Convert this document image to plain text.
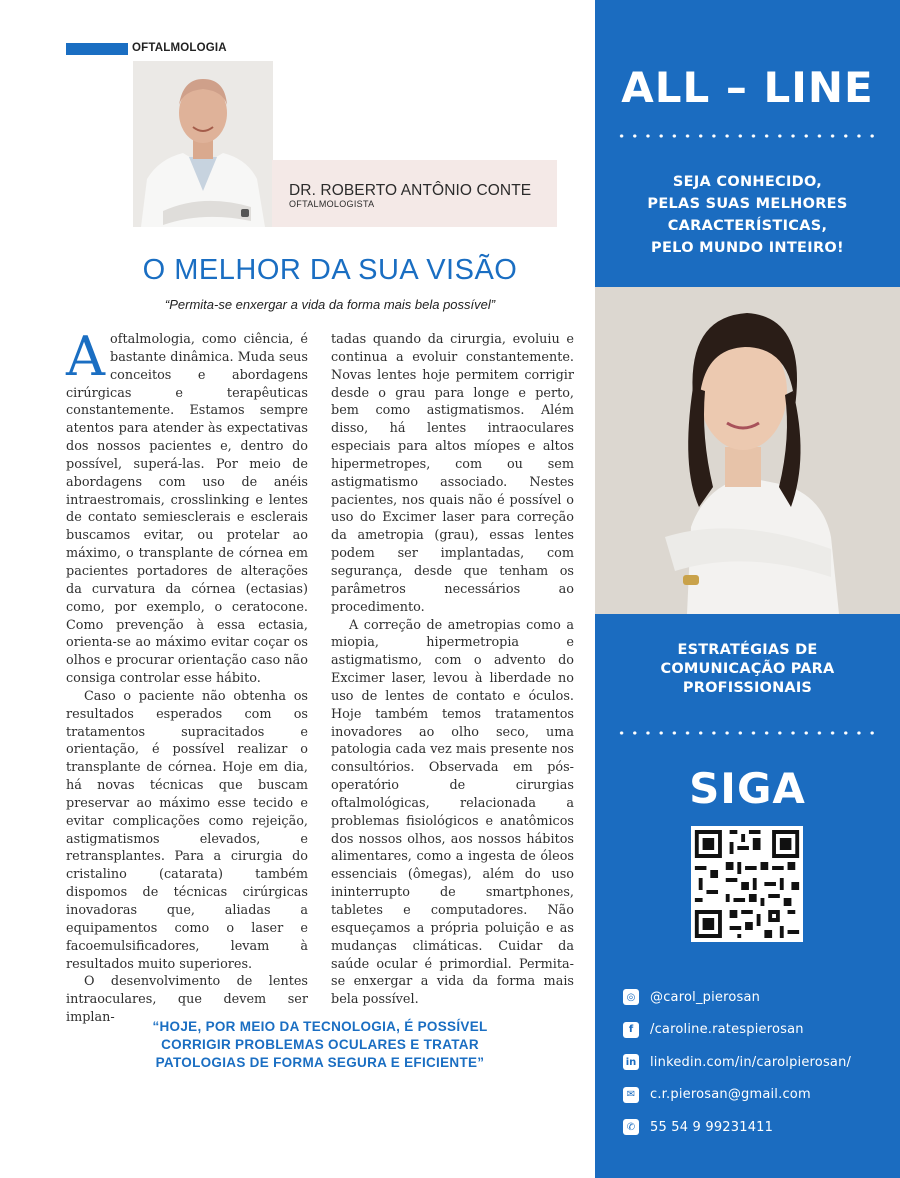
OFTALMOLOGIA
DR. ROBERTO ANTÔNIO CONTE
OFTALMOLOGISTA
O MELHOR DA SUA VISÃO
“Permita-se enxergar a vida da forma mais bela possível”

Aoftalmologia, como ciência, é bastante dinâmica. Muda seus conceitos e abordagens cirúrgicas e terapêuticas constantemente. Estamos sempre atentos para atender às expectativas dos nossos pacientes e, dentro do possível, superá-las. Por meio de abordagens com uso de anéis intraestromais, crosslinking e lentes de contato semiesclerais e esclerais buscamos evitar, ou protelar ao máximo, o transplante de córnea em pacientes portadores de alterações da curvatura da córnea (ectasias) como, por exemplo, o ceratocone. Como prevenção à essa ectasia, orienta-se ao máximo evitar coçar os olhos e procurar orientação caso não consiga controlar esse hábito.

Caso o paciente não obtenha os resultados esperados com os tratamentos supracitados e orientação, é possível realizar o transplante de córnea. Hoje em dia, há novas técnicas que buscam preservar ao máximo esse tecido e evitar complicações como rejeição, astigmatismos elevados, e retransplantes. Para a cirurgia do cristalino (catarata) também dispomos de técnicas cirúrgicas inovadoras que, aliadas a equipamentos como o laser e facoemulsificadores, levam à resultados muito superiores.

O desenvolvimento de lentes intraoculares, que devem ser implan-

tadas quando da cirurgia, evoluiu e continua a evoluir constantemente. Novas lentes hoje permitem corrigir desde o grau para longe e perto, bem como astigmatismos. Além disso, há lentes intraoculares especiais para altos míopes e altos hipermetropes, com ou sem astigmatismo associado. Nestes pacientes, nos quais não é possível o uso do Excimer laser para correção da ametropia (grau), essas lentes podem ser implantadas, com segurança, desde que tenham os parâmetros necessários ao procedimento.

A correção de ametropias como a miopia, hipermetropia e astigmatismo, com o advento do Excimer laser, levou à liberdade no uso de lentes de contato e óculos. Hoje também temos tratamentos inovadores ao olho seco, uma patologia cada vez mais presente nos consultórios. Observada em pós-operatório de cirurgias oftalmológicas, relacionada a problemas fisiológicos e anatômicos dos nossos olhos, aos nossos hábitos alimentares, como a ingesta de óleos essenciais (ômegas), além do uso ininterrupto de smartphones, tabletes e computadores. Não esqueçamos a própria poluição e as mudanças climáticas. Cuidar da saúde ocular é primordial. Permita-se enxergar a vida da forma mais bela possível.

“HOJE, POR MEIO DA TECNOLOGIA, É POSSÍVEL
CORRIGIR PROBLEMAS OCULARES E TRATAR
PATOLOGIAS DE FORMA SEGURA E EFICIENTE”
ALL – LINE
SEJA CONHECIDO,
PELAS SUAS MELHORES
CARACTERÍSTICAS,
PELO MUNDO INTEIRO!
ESTRATÉGIAS DE
COMUNICAÇÃO PARA
PROFISSIONAIS
SIGA
◎ @carol_pierosan
f	/caroline.ratespierosan
in linkedin.com/in/carolpierosan/
✉ c.r.pierosan@gmail.com
✆ 55 54 9 99231411
